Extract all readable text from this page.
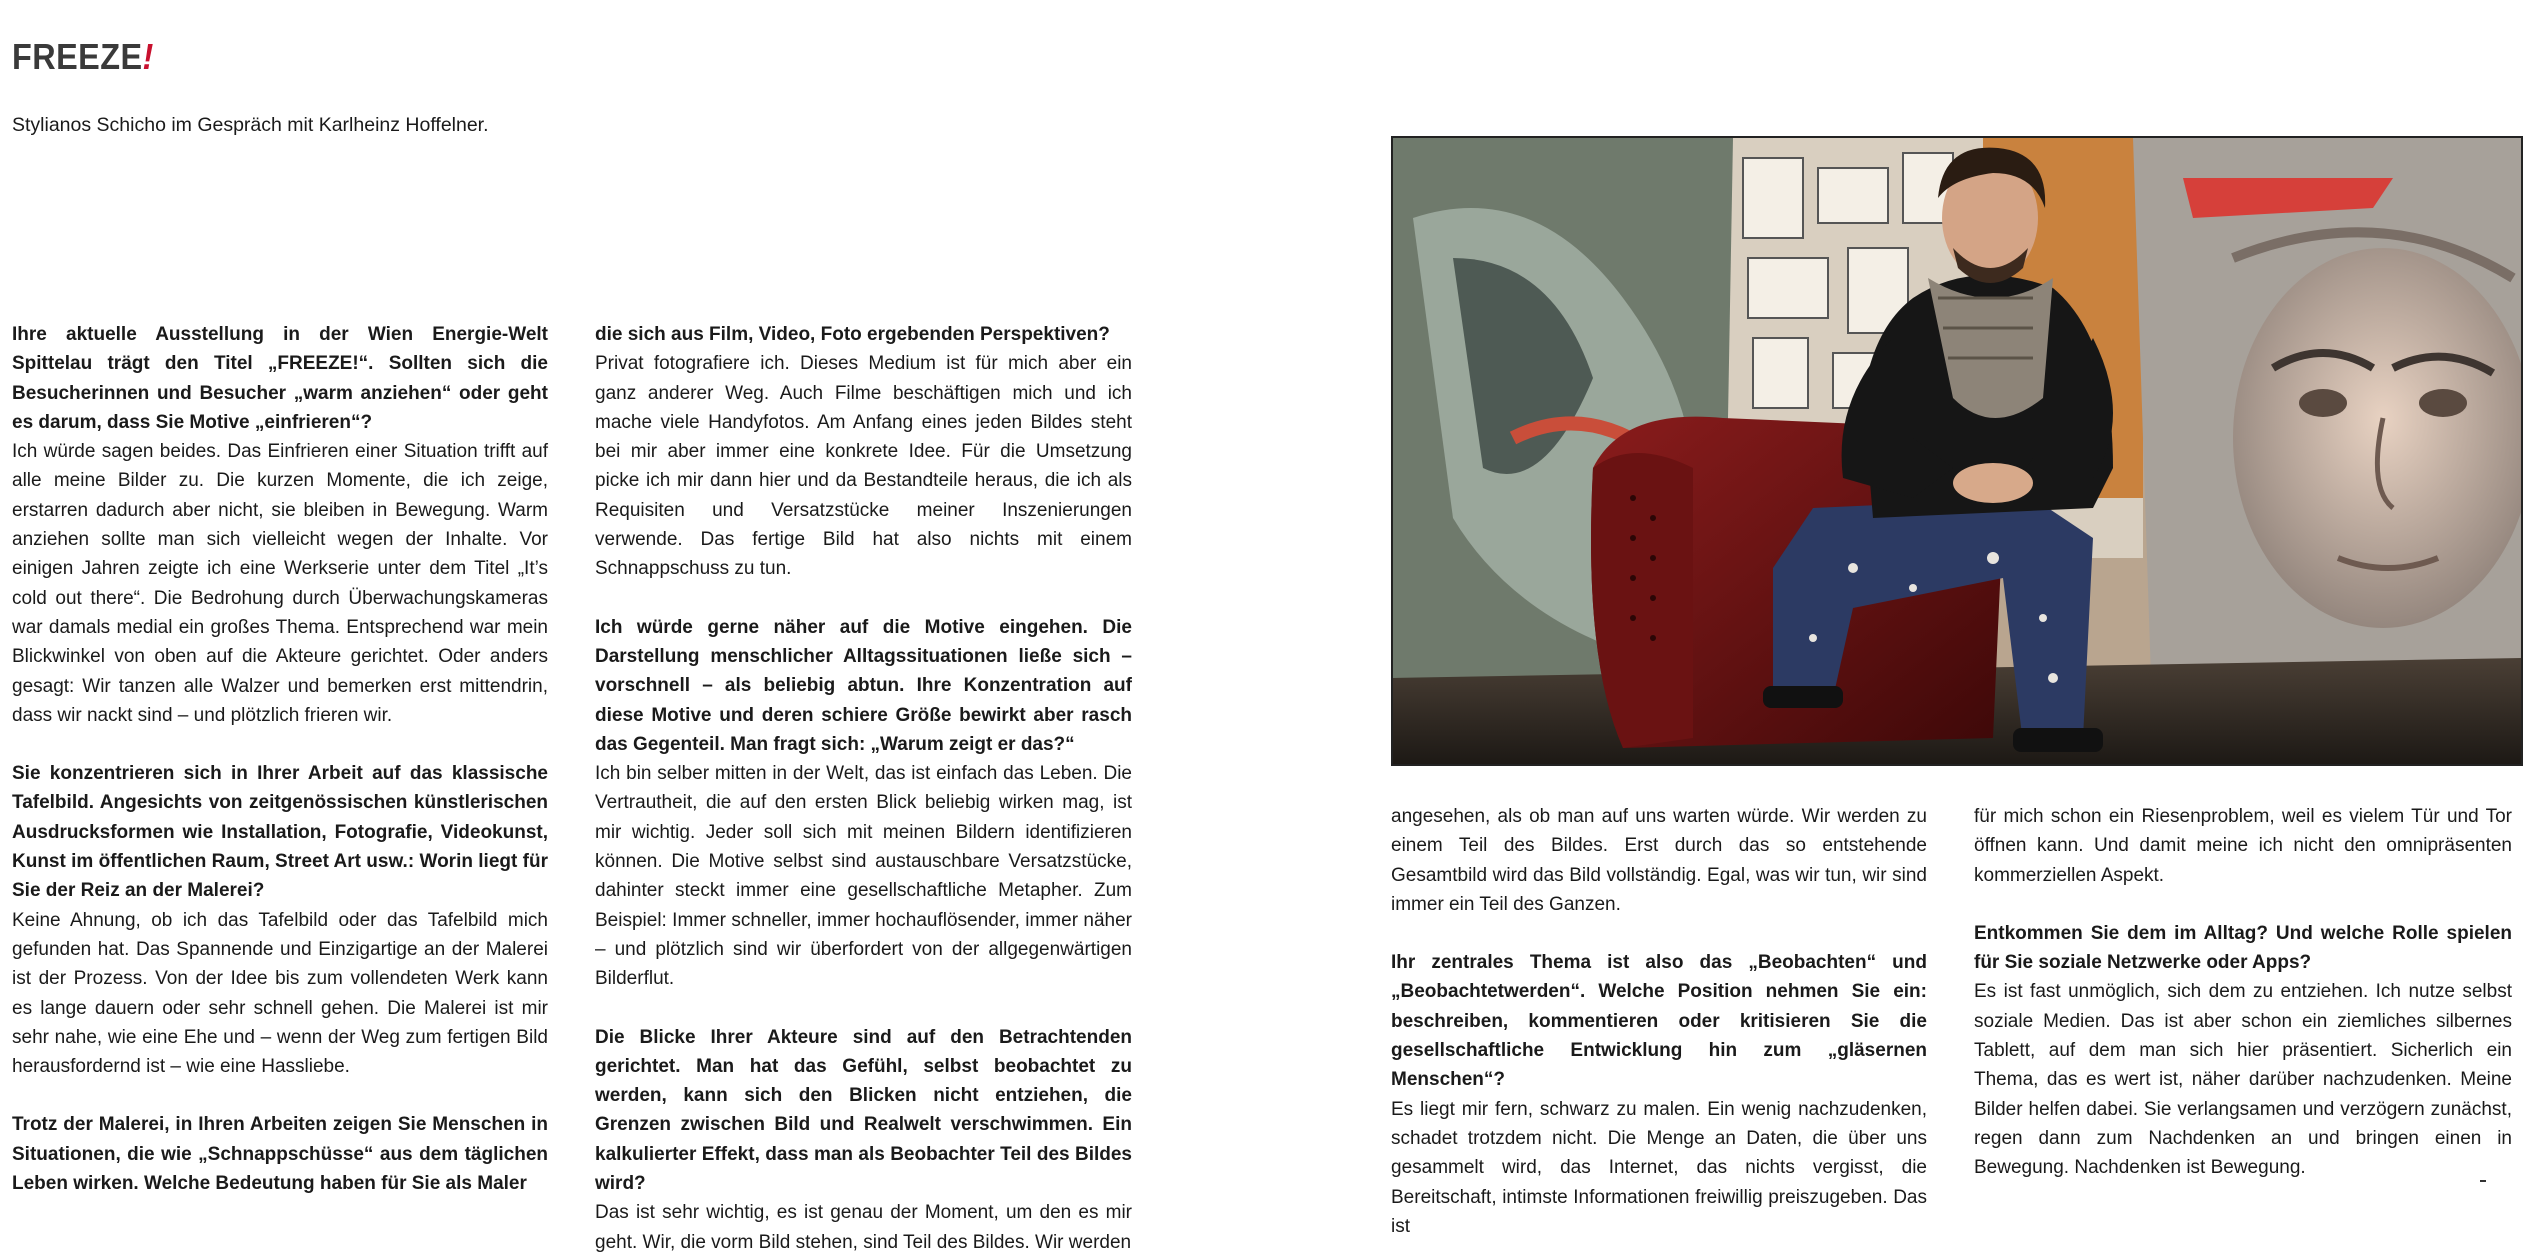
FREEZE!

Stylianos Schicho im Gespräch mit Karlheinz Hoffelner.

Ihre aktuelle Ausstellung in der Wien Energie-Welt Spittelau trägt den Titel „FREEZE!“. Sollten sich die Besucherinnen und Besucher „warm anziehen“ oder geht es darum, dass Sie Motive „einfrieren“?
Ich würde sagen beides. Das Einfrieren einer Situation trifft auf alle meine Bilder zu. Die kurzen Momente, die ich zeige, erstarren dadurch aber nicht, sie bleiben in Bewegung. Warm anziehen sollte man sich vielleicht wegen der Inhalte. Vor einigen Jahren zeigte ich eine Werkserie unter dem Titel „It’s cold out there“. Die Bedrohung durch Überwachungskameras war damals medial ein großes Thema. Entsprechend war mein Blickwinkel von oben auf die Akteure gerichtet. Oder anders gesagt: Wir tanzen alle Walzer und bemerken erst mittendrin, dass wir nackt sind – und plötzlich frieren wir.

Sie konzentrieren sich in Ihrer Arbeit auf das klassische Tafelbild. Angesichts von zeitgenössischen künstlerischen Ausdrucksformen wie Installation, Fotografie, Videokunst, Kunst im öffentlichen Raum, Street Art usw.: Worin liegt für Sie der Reiz an der Malerei?
Keine Ahnung, ob ich das Tafelbild oder das Tafelbild mich gefunden hat. Das Spannende und Einzigartige an der Malerei ist der Prozess. Von der Idee bis zum vollendeten Werk kann es lange dauern oder sehr schnell gehen. Die Malerei ist mir sehr nahe, wie eine Ehe und – wenn der Weg zum fertigen Bild herausfordernd ist – wie eine Hassliebe.

Trotz der Malerei, in Ihren Arbeiten zeigen Sie Menschen in Situationen, die wie „Schnappschüsse“ aus dem täglichen Leben wirken. Welche Bedeutung haben für Sie als Maler

die sich aus Film, Video, Foto ergebenden Perspektiven?
Privat fotografiere ich. Dieses Medium ist für mich aber ein ganz anderer Weg. Auch Filme beschäftigen mich und ich mache viele Handyfotos. Am Anfang eines jeden Bildes steht bei mir aber immer eine konkrete Idee. Für die Umsetzung picke ich mir dann hier und da Bestandteile heraus, die ich als Requisiten und Versatzstücke meiner Inszenierungen verwende. Das fertige Bild hat also nichts mit einem Schnappschuss zu tun.

Ich würde gerne näher auf die Motive eingehen. Die Darstellung menschlicher Alltagssituationen ließe sich – vorschnell – als beliebig abtun. Ihre Konzentration auf diese Motive und deren schiere Größe bewirkt aber rasch das Gegenteil. Man fragt sich: „Warum zeigt er das?“
Ich bin selber mitten in der Welt, das ist einfach das Leben. Die Vertrautheit, die auf den ersten Blick beliebig wirken mag, ist mir wichtig. Jeder soll sich mit meinen Bildern identifizieren können. Die Motive selbst sind austauschbare Versatzstücke, dahinter steckt immer eine gesellschaftliche Metapher. Zum Beispiel: Immer schneller, immer hochauflösender, immer näher – und plötzlich sind wir überfordert von der allgegenwärtigen Bilderflut.

Die Blicke Ihrer Akteure sind auf den Betrachtenden gerichtet. Man hat das Gefühl, selbst beobachtet zu werden, kann sich den Blicken nicht entziehen, die Grenzen zwischen Bild und Realwelt verschwimmen. Ein kalkulierter Effekt, dass man als Beobachter Teil des Bildes wird?
Das ist sehr wichtig, es ist genau der Moment, um den es mir geht. Wir, die vorm Bild stehen, sind Teil des Bildes. Wir werden

angesehen, als ob man auf uns warten würde. Wir werden zu einem Teil des Bildes. Erst durch das so entstehende Gesamtbild wird das Bild vollständig. Egal, was wir tun, wir sind immer ein Teil des Ganzen.

Ihr zentrales Thema ist also das „Beobachten“ und „Beobachtetwerden“. Welche Position nehmen Sie ein: beschreiben, kommentieren oder kritisieren Sie die gesellschaftliche Entwicklung hin zum „gläsernen Menschen“?
Es liegt mir fern, schwarz zu malen. Ein wenig nachzudenken, schadet trotzdem nicht. Die Menge an Daten, die über uns gesammelt wird, das Internet, das nichts vergisst, die Bereitschaft, intimste Informationen freiwillig preiszugeben. Das ist

für mich schon ein Riesenproblem, weil es vielem Tür und Tor öffnen kann. Und damit meine ich nicht den omnipräsenten kommerziellen Aspekt.

Entkommen Sie dem im Alltag? Und welche Rolle spielen für Sie soziale Netzwerke oder Apps?
Es ist fast unmöglich, sich dem zu entziehen. Ich nutze selbst soziale Medien. Das ist aber schon ein ziemliches silbernes Tablett, auf dem man sich hier präsentiert. Sicherlich ein Thema, das es wert ist, näher darüber nachzudenken. Meine Bilder helfen dabei. Sie verlangsamen und verzögern zunächst, regen dann zum Nachdenken an und bringen einen in Bewegung. Nachdenken ist Bewegung.
